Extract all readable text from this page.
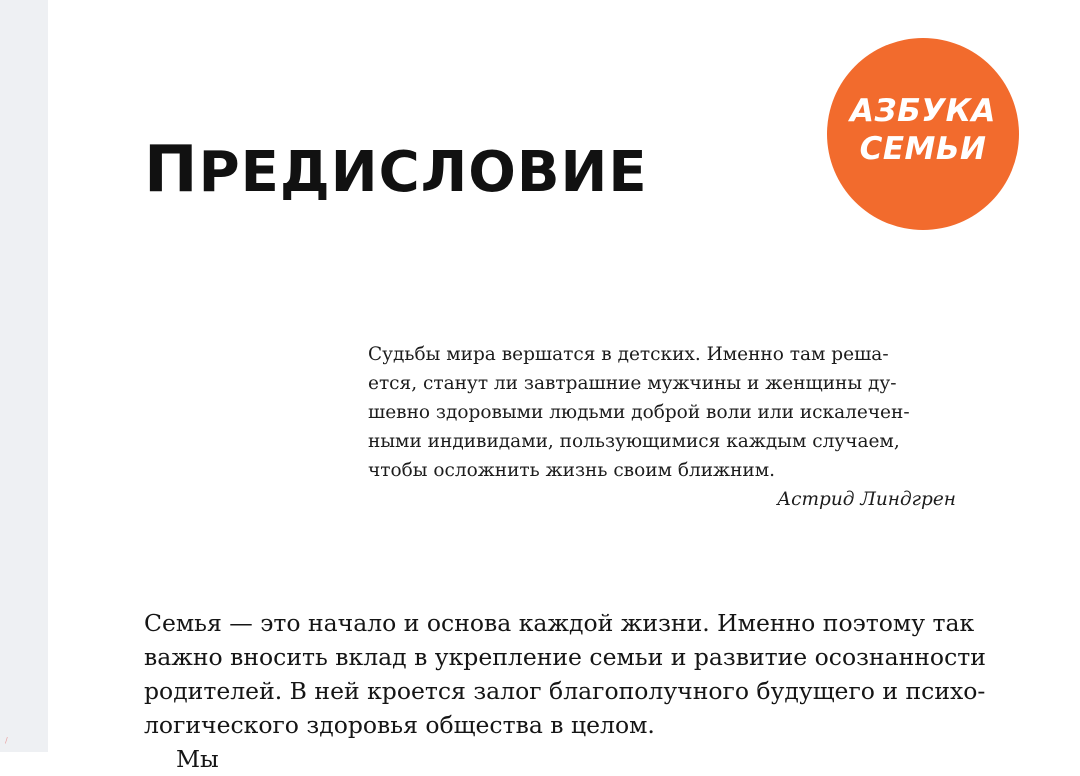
/
ПРЕДИСЛОВИЕ
АЗБУКА
СЕМЬИ
Судьбы мира вершатся в детских. Именно там реша-
ется, станут ли завтрашние мужчины и женщины ду-
шевно здоровыми людьми доброй воли или искалечен-
ными индивидами, пользующимися каждым случаем,
чтобы осложнить жизнь своим ближним.
Астрид Линдгрен
Семья — это начало и основа каждой жизни. Именно поэтому так
важно вносить вклад в укрепление семьи и развитие осознанности
родителей. В ней кроется залог благополучного будущего и психо-
логического здоровья общества в целом.
Мы
